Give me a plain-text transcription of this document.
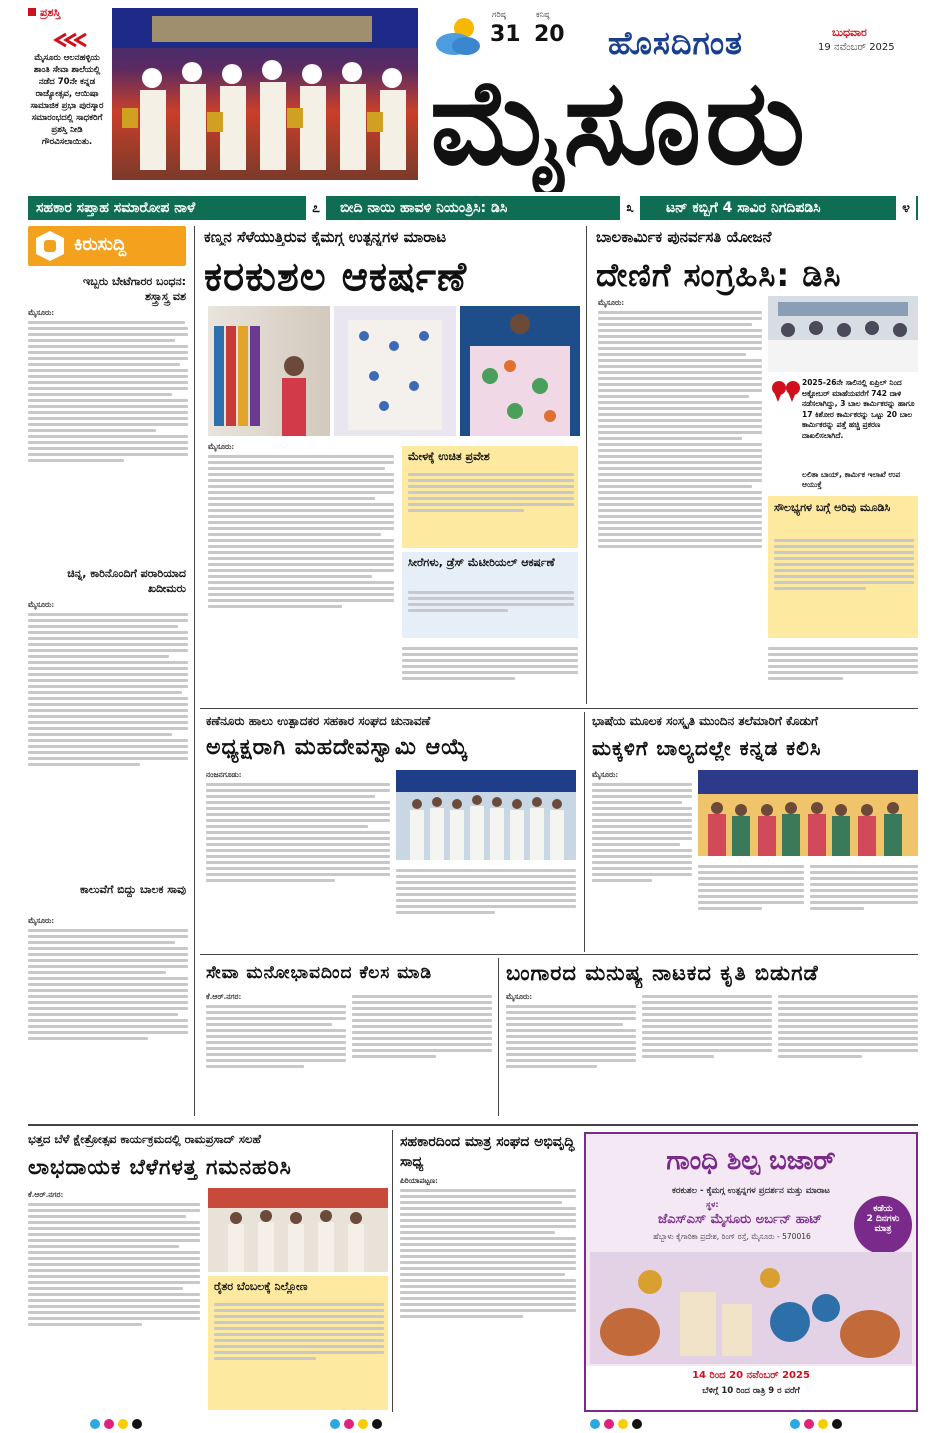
ಪ್ರಶಸ್ತಿ
ಮೈಸೂರು ಆಲನಹಳ್ಳಿಯ ಶಾಂತಿ ಸೇವಾ ಶಾಲೆಯಲ್ಲಿ ನಡೆದ 70ನೇ ಕನ್ನಡ ರಾಜ್ಯೋತ್ಸವ, ಆಯಿಷಾ ಸಾಮಾಜಿಕ ಪ್ರಭಾ ಪುರಸ್ಕಾರ ಸಮಾರಂಭದಲ್ಲಿ ಸಾಧಕರಿಗೆ ಪ್ರಶಸ್ತಿ ನೀಡಿ ಗೌರವಿಸಲಾಯಿತು.
ಗರಿಷ್ಠ
31
ಕನಿಷ್ಠ
20 ಹೊಸದಿಗಂತ	ಬುಧವಾರ
19 ನವೆಂಬರ್ 2025
ಮೈಸೂರು
ಸಹಕಾರ ಸಪ್ತಾಹ ಸಮಾರೋಪ ನಾಳೆ	೭	ಬೀದಿ ನಾಯಿ ಹಾವಳಿ ನಿಯಂತ್ರಿಸಿ: ಡಿಸಿ	೩	ಟನ್ ಕಬ್ಬಿಗೆ 4 ಸಾವಿರ ನಿಗದಿಪಡಿಸಿ	೪
ಕಿರುಸುದ್ದಿ
ಇಬ್ಬರು ಬೇಟೆಗಾರರ ಬಂಧನ: ಶಸ್ತ್ರಾಸ್ತ್ರ ವಶ
ಮೈಸೂರು:
ಚಿನ್ನ, ಕಾರಿನೊಂದಿಗೆ ಪರಾರಿಯಾದ ಖದೀಮರು
ಮೈಸೂರು:
ಕಾಲುವೆಗೆ ಬಿದ್ದು ಬಾಲಕ ಸಾವು
ಮೈಸೂರು:
ಕಣ್ಮನ ಸೆಳೆಯುತ್ತಿರುವ ಕೈಮಗ್ಗ ಉತ್ಪನ್ನಗಳ ಮಾರಾಟ
ಕರಕುಶಲ ಆಕರ್ಷಣೆ
ಮೈಸೂರು:
ಮೇಳಕ್ಕೆ ಉಚಿತ ಪ್ರವೇಶ
ಸೀರೆಗಳು, ಡ್ರೆಸ್ ಮೆಟೀರಿಯಲ್ ಆಕರ್ಷಣೆ
ಬಾಲಕಾರ್ಮಿಕ ಪುನರ್ವಸತಿ ಯೋಜನೆ
ದೇಣಿಗೆ ಸಂಗ್ರಹಿಸಿ: ಡಿಸಿ
ಮೈಸೂರು:
2025-26ನೇ ಸಾಲಿನಲ್ಲಿ ಏಪ್ರಿಲ್ ನಿಂದ ಅಕ್ಟೋಬರ್ ಮಾಹೆಯವರೆಗೆ 742 ದಾಳಿ ನಡೆಸಲಾಗಿದ್ದು, 3 ಬಾಲ ಕಾರ್ಮಿಕರನ್ನು ಹಾಗೂ 17 ಕಿಶೋರ ಕಾರ್ಮಿಕರನ್ನು ಒಟ್ಟು 20 ಬಾಲ ಕಾರ್ಮಿಕರನ್ನು ಪತ್ತೆ ಹಚ್ಚಿ ಪ್ರಕರಣ ದಾಖಲಿಸಲಾಗಿದೆ.
ಲಲಿತಾ ಬಾಯ್, ಕಾರ್ಮಿಕ ಇಲಾಖೆ ಉಪ ಆಯುಕ್ತೆ
ಸೌಲಭ್ಯಗಳ ಬಗ್ಗೆ ಅರಿವು ಮೂಡಿಸಿ
ಕಣೆನೂರು ಹಾಲು ಉತ್ಪಾದಕರ ಸಹಕಾರ ಸಂಘದ ಚುನಾವಣೆ
ಅಧ್ಯಕ್ಷರಾಗಿ ಮಹದೇವಸ್ವಾಮಿ ಆಯ್ಕೆ
ನಂಜನಗೂಡು:
ಭಾಷೆಯ ಮೂಲಕ ಸಂಸ್ಕೃತಿ ಮುಂದಿನ ತಲೆಮಾರಿಗೆ ಕೊಡುಗೆ
ಮಕ್ಕಳಿಗೆ ಬಾಲ್ಯದಲ್ಲೇ ಕನ್ನಡ ಕಲಿಸಿ
ಮೈಸೂರು:
ಸೇವಾ ಮನೋಭಾವದಿಂದ ಕೆಲಸ ಮಾಡಿ
ಕೆ.ಆರ್.ನಗರ:
ಬಂಗಾರದ ಮನುಷ್ಯ ನಾಟಕದ ಕೃತಿ ಬಿಡುಗಡೆ
ಮೈಸೂರು:
ಭತ್ತದ ಬೆಳೆ ಕ್ಷೇತ್ರೋತ್ಸವ ಕಾರ್ಯಕ್ರಮದಲ್ಲಿ ರಾಮಪ್ರಸಾದ್ ಸಲಹೆ
ಲಾಭದಾಯಕ ಬೆಳೆಗಳತ್ತ ಗಮನಹರಿಸಿ
ಕೆ.ಆರ್.ನಗರ:
ರೈತರ ಬೆಂಬಲಕ್ಕೆ ನಿಲ್ಲೋಣ
ಸಹಕಾರದಿಂದ ಮಾತ್ರ ಸಂಘದ ಅಭಿವೃದ್ಧಿ ಸಾಧ್ಯ
ಪಿರಿಯಾಪಟ್ಟಣ:
ಗಾಂಧಿ ಶಿಲ್ಪ ಬಜಾರ್
ಕರಕುಶಲ - ಕೈಮಗ್ಗ ಉತ್ಪನ್ನಗಳ ಪ್ರದರ್ಶನ ಮತ್ತು ಮಾರಾಟ
ಸ್ಥಳ:
ಜೆಎಸ್‌ಎಸ್ ಮೈಸೂರು ಅರ್ಬನ್ ಹಾಟ್
ಹೆಬ್ಬಾಳು ಕೈಗಾರಿಕಾ ಪ್ರದೇಶ, ರಿಂಗ್ ರಸ್ತೆ, ಮೈಸೂರು - 570016
ಕಡೆಯ
2 ದಿನಗಳು
ಮಾತ್ರ
14 ರಿಂದ 20 ನವೆಂಬರ್ 2025
ಬೆಳಿಗ್ಗೆ 10 ರಿಂದ ರಾತ್ರಿ 9 ರ ವರೆಗೆ
